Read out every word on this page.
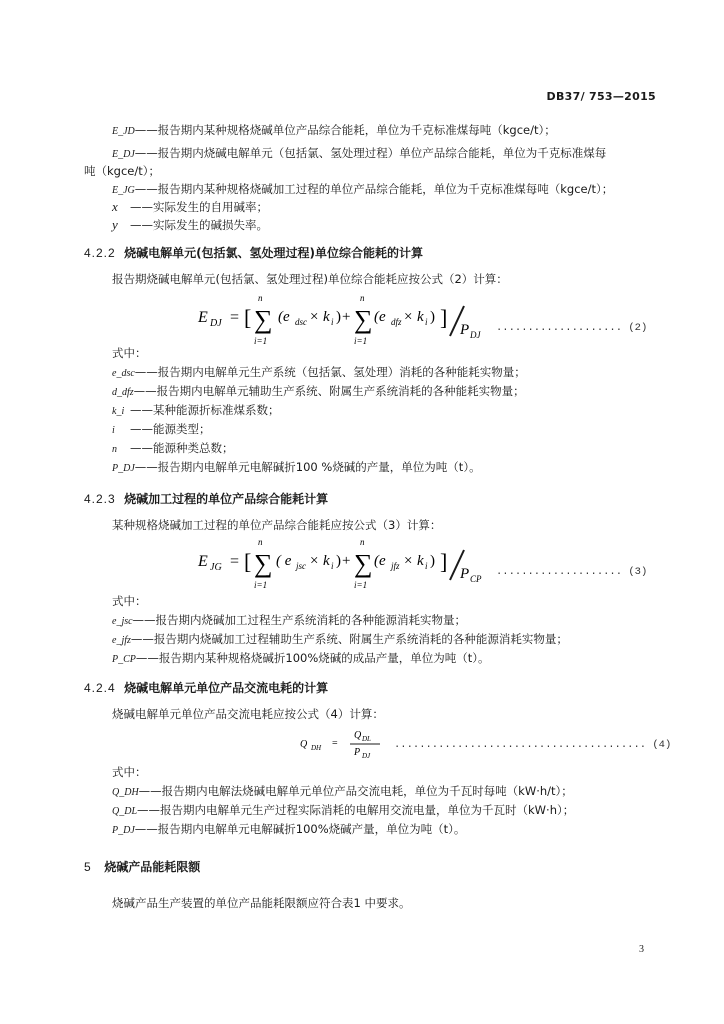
DB37/ 753—2015
E_JD——报告期内某种规格烧碱单位产品综合能耗，单位为千克标准煤每吨（kgce/t）；
E_DJ——报告期内烧碱电解单元（包括氯、氢处理过程）单位产品综合能耗，单位为千克标准煤每
吨（kgce/t）；
E_JG——报告期内某种规格烧碱加工过程的单位产品综合能耗，单位为千克标准煤每吨（kgce/t）；
x ——实际发生的自用碱率；
y ——实际发生的碱损失率。
4.2.2 烧碱电解单元(包括氯、氢处理过程)单位综合能耗的计算
报告期烧碱电解单元(包括氯、氢处理过程)单位综合能耗应按公式（2）计算：
E DJ = [
n
∑
i=1
(e dsc × k i ) +
n
∑
i=1
(e dfz × k i ) ] P DJ
.................... (2)
式中：
e_dsc——报告期内电解单元生产系统（包括氯、氢处理）消耗的各种能耗实物量；
d_dfz——报告期内电解单元辅助生产系统、附属生产系统消耗的各种能耗实物量；
k_i ——某种能源折标准煤系数；
i ——能源类型；
n ——能源种类总数；
P_DJ——报告期内电解单元电解碱折100 %烧碱的产量，单位为吨（t）。
4.2.3 烧碱加工过程的单位产品综合能耗计算
某种规格烧碱加工过程的单位产品综合能耗应按公式（3）计算：
E JG = [
n
∑
i=1
( e jsc × k i ) +
n
∑
i=1
(e jfz × k i ) ] P CP
.................... (3)
式中：
e_jsc——报告期内烧碱加工过程生产系统消耗的各种能源消耗实物量；
e_jfz——报告期内烧碱加工过程辅助生产系统、附属生产系统消耗的各种能源消耗实物量；
P_CP——报告期内某种规格烧碱折100%烧碱的成品产量，单位为吨（t）。
4.2.4 烧碱电解单元单位产品交流电耗的计算
烧碱电解单元单位产品交流电耗应按公式（4）计算：
Q DH =
Q DL
P DJ
........................................ (4)
式中：
Q_DH——报告期内电解法烧碱电解单元单位产品交流电耗，单位为千瓦时每吨（kW·h/t）；
Q_DL——报告期内电解单元生产过程实际消耗的电解用交流电量，单位为千瓦时（kW·h）；
P_DJ——报告期内电解单元电解碱折100%烧碱产量，单位为吨（t）。
5 烧碱产品能耗限额
烧碱产品生产装置的单位产品能耗限额应符合表1 中要求。
3
